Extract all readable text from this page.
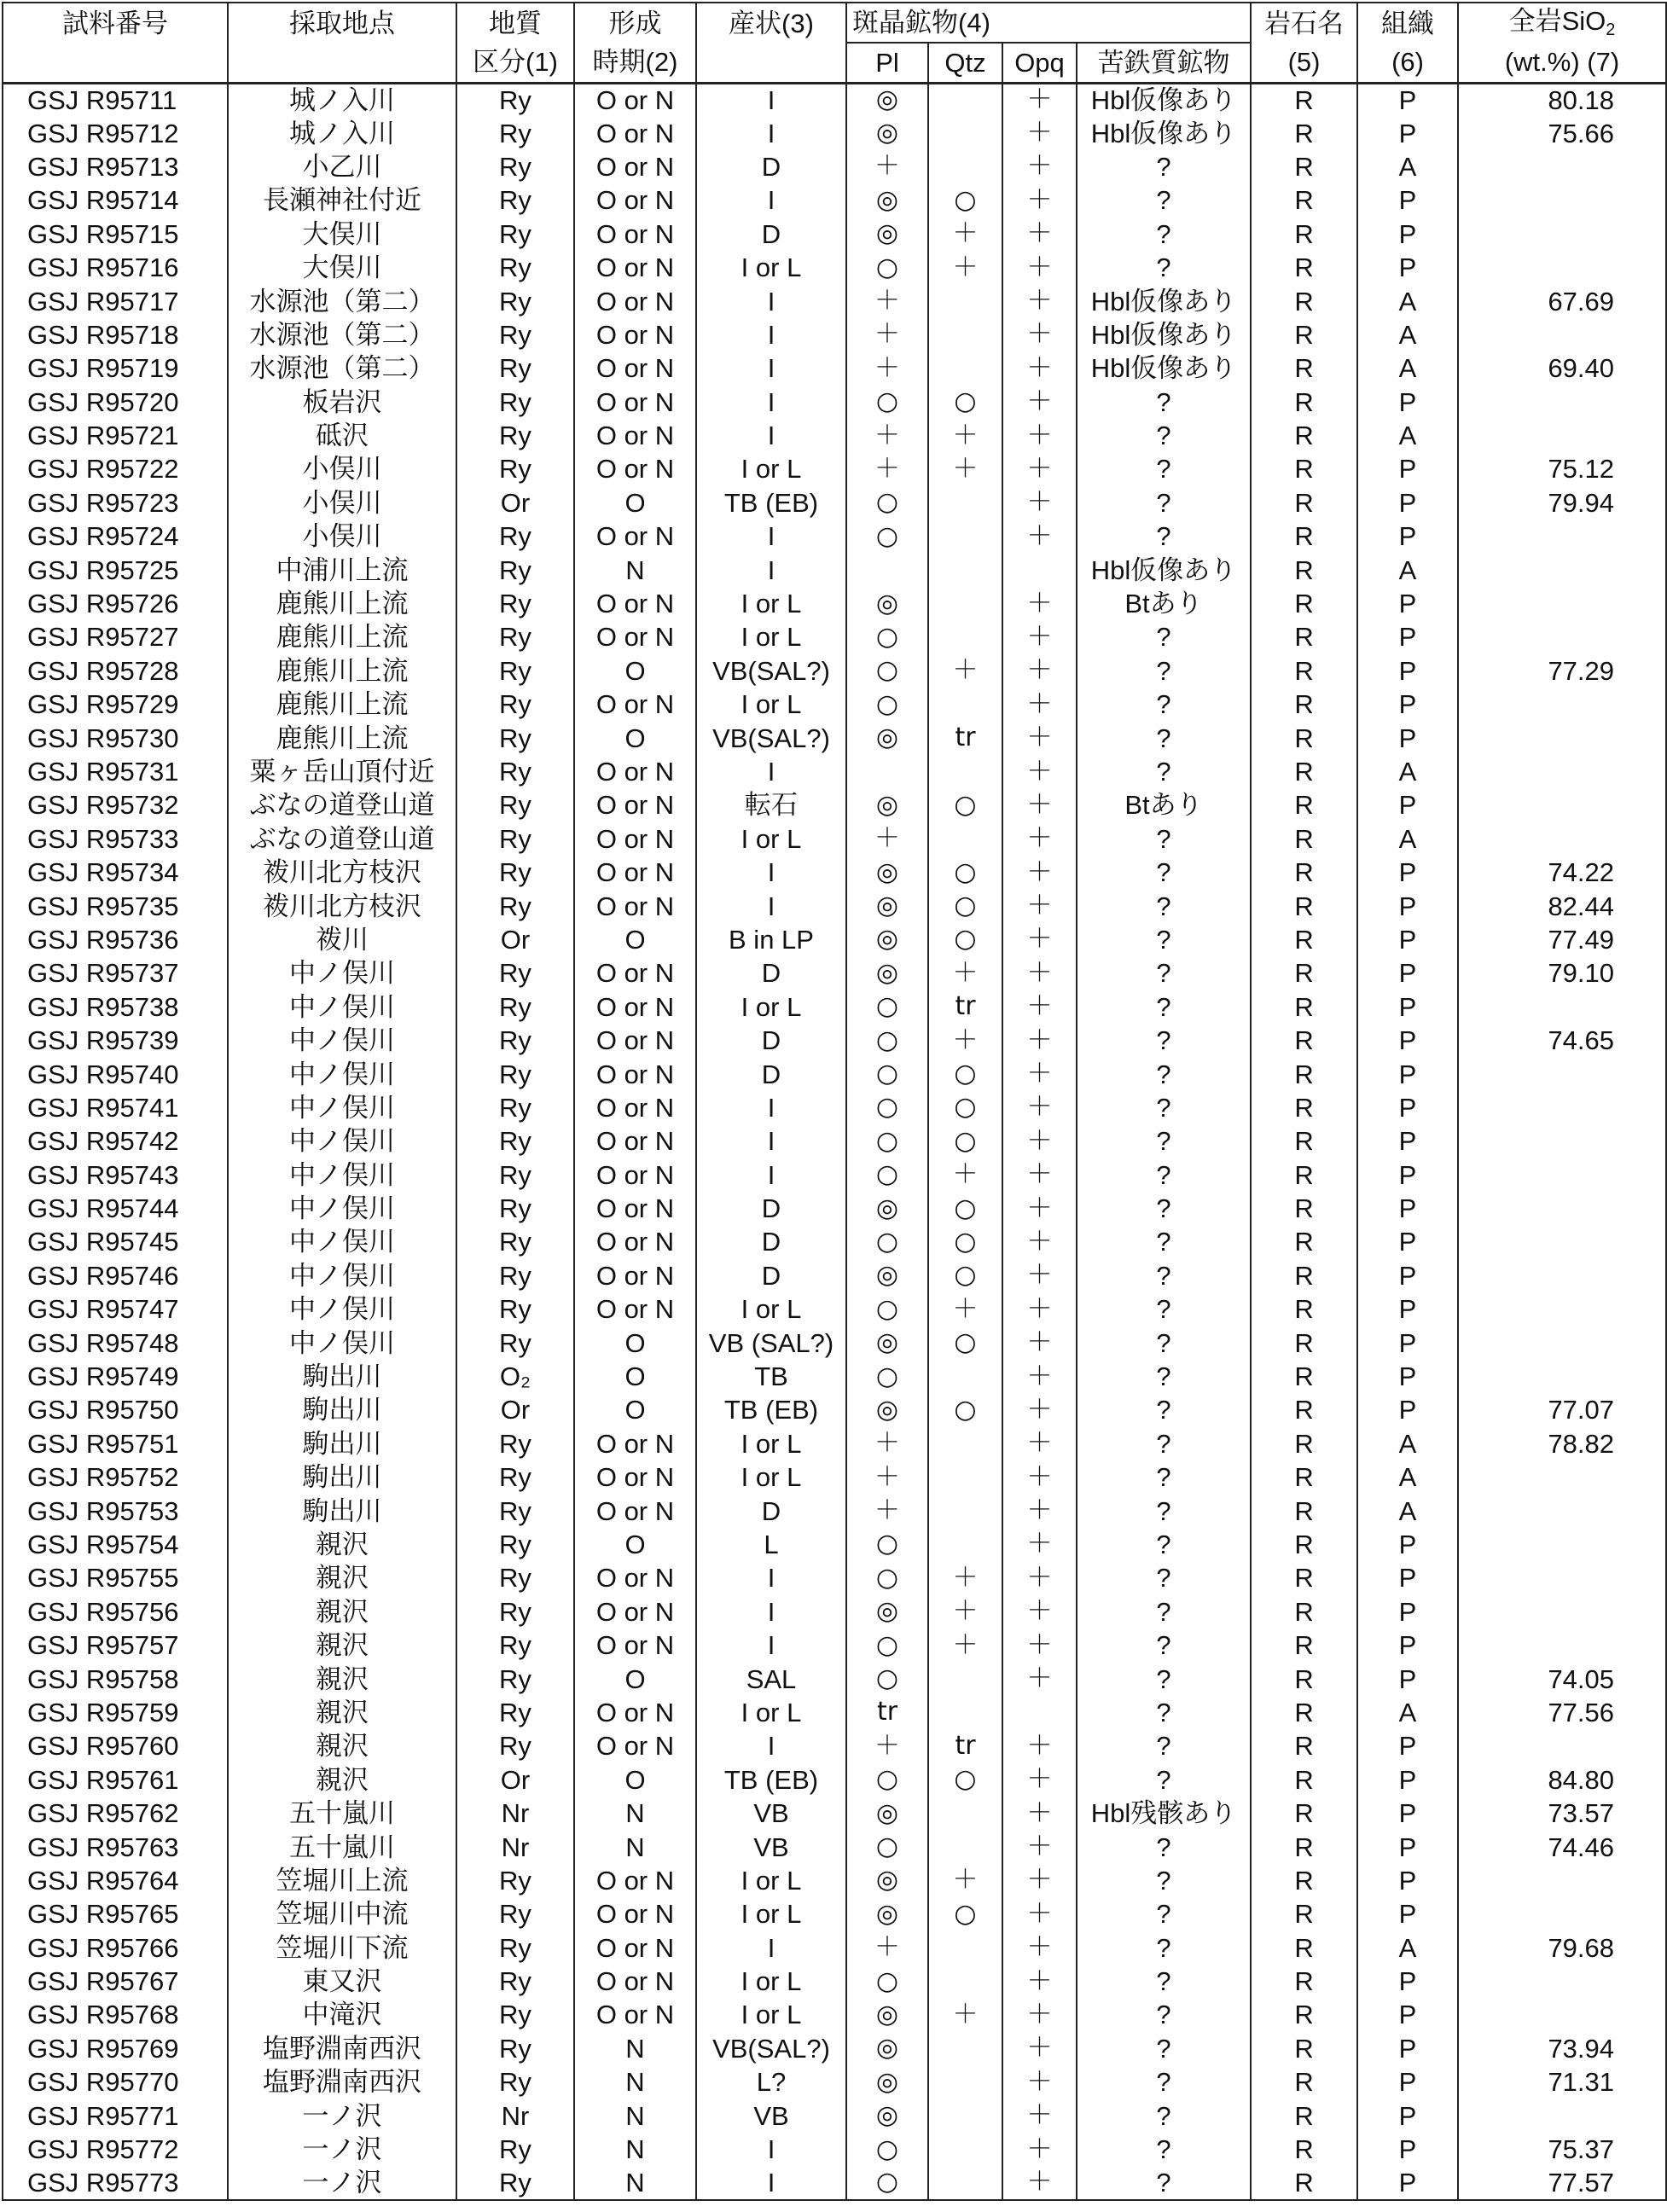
試料番号	採取地点	地質	形成	産状(3)	斑晶鉱物(4)				岩石名	組織	全岩SiO$_2$
		区分(1)	時期(2)		Pl	Qtz	Opq	苦鉄質鉱物	(5)	(6)	(wt.%) (7)
GSJ R95711	城ノ入川	Ry	O or N	I	◎		＋	Hbl仮像あり	R	P	80.18
GSJ R95712	城ノ入川	Ry	O or N	I	◎		＋	Hbl仮像あり	R	P	75.66
GSJ R95713	小乙川	Ry	O or N	D	＋		＋	?	R	A	
GSJ R95714	長瀬神社付近	Ry	O or N	I	◎	○	＋	?	R	P	
GSJ R95715	大俣川	Ry	O or N	D	◎	＋	＋	?	R	P	
GSJ R95716	大俣川	Ry	O or N	I or L	○	＋	＋	?	R	P	
GSJ R95717	水源池（第二）	Ry	O or N	I	＋		＋	Hbl仮像あり	R	A	67.69
GSJ R95718	水源池（第二）	Ry	O or N	I	＋		＋	Hbl仮像あり	R	A	
GSJ R95719	水源池（第二）	Ry	O or N	I	＋		＋	Hbl仮像あり	R	A	69.40
GSJ R95720	板岩沢	Ry	O or N	I	○	○	＋	?	R	P	
GSJ R95721	砥沢	Ry	O or N	I	＋	＋	＋	?	R	A	
GSJ R95722	小俣川	Ry	O or N	I or L	＋	＋	＋	?	R	P	75.12
GSJ R95723	小俣川	Or	O	TB (EB)	○		＋	?	R	P	79.94
GSJ R95724	小俣川	Ry	O or N	I	○		＋	?	R	P	
GSJ R95725	中浦川上流	Ry	N	I				Hbl仮像あり	R	A	
GSJ R95726	鹿熊川上流	Ry	O or N	I or L	◎		＋	Btあり	R	P	
GSJ R95727	鹿熊川上流	Ry	O or N	I or L	○		＋	?	R	P	
GSJ R95728	鹿熊川上流	Ry	O	VB(SAL?)	○	＋	＋	?	R	P	77.29
GSJ R95729	鹿熊川上流	Ry	O or N	I or L	○		＋	?	R	P	
GSJ R95730	鹿熊川上流	Ry	O	VB(SAL?)	◎	tr	＋	?	R	P	
GSJ R95731	粟ヶ岳山頂付近	Ry	O or N	I			＋	?	R	A	
GSJ R95732	ぶなの道登山道	Ry	O or N	転石	◎	○	＋	Btあり	R	P	
GSJ R95733	ぶなの道登山道	Ry	O or N	I or L	＋		＋	?	R	A	
GSJ R95734	袯川北方枝沢	Ry	O or N	I	◎	○	＋	?	R	P	74.22
GSJ R95735	袯川北方枝沢	Ry	O or N	I	◎	○	＋	?	R	P	82.44
GSJ R95736	袯川	Or	O	B in LP	◎	○	＋	?	R	P	77.49
GSJ R95737	中ノ俣川	Ry	O or N	D	◎	＋	＋	?	R	P	79.10
GSJ R95738	中ノ俣川	Ry	O or N	I or L	○	tr	＋	?	R	P	
GSJ R95739	中ノ俣川	Ry	O or N	D	○	＋	＋	?	R	P	74.65
GSJ R95740	中ノ俣川	Ry	O or N	D	○	○	＋	?	R	P	
GSJ R95741	中ノ俣川	Ry	O or N	I	○	○	＋	?	R	P	
GSJ R95742	中ノ俣川	Ry	O or N	I	○	○	＋	?	R	P	
GSJ R95743	中ノ俣川	Ry	O or N	I	○	＋	＋	?	R	P	
GSJ R95744	中ノ俣川	Ry	O or N	D	◎	○	＋	?	R	P	
GSJ R95745	中ノ俣川	Ry	O or N	D	○	○	＋	?	R	P	
GSJ R95746	中ノ俣川	Ry	O or N	D	◎	○	＋	?	R	P	
GSJ R95747	中ノ俣川	Ry	O or N	I or L	○	＋	＋	?	R	P	
GSJ R95748	中ノ俣川	Ry	O	VB (SAL?)	◎	○	＋	?	R	P	
GSJ R95749	駒出川	O₂	O	TB	○		＋	?	R	P	
GSJ R95750	駒出川	Or	O	TB (EB)	◎	○	＋	?	R	P	77.07
GSJ R95751	駒出川	Ry	O or N	I or L	＋		＋	?	R	A	78.82
GSJ R95752	駒出川	Ry	O or N	I or L	＋		＋	?	R	A	
GSJ R95753	駒出川	Ry	O or N	D	＋		＋	?	R	A	
GSJ R95754	親沢	Ry	O	L	○		＋	?	R	P	
GSJ R95755	親沢	Ry	O or N	I	○	＋	＋	?	R	P	
GSJ R95756	親沢	Ry	O or N	I	◎	＋	＋	?	R	P	
GSJ R95757	親沢	Ry	O or N	I	○	＋	＋	?	R	P	
GSJ R95758	親沢	Ry	O	SAL	○		＋	?	R	P	74.05
GSJ R95759	親沢	Ry	O or N	I or L	tr			?	R	A	77.56
GSJ R95760	親沢	Ry	O or N	I	＋	tr	＋	?	R	P	
GSJ R95761	親沢	Or	O	TB (EB)	○	○	＋	?	R	P	84.80
GSJ R95762	五十嵐川	Nr	N	VB	◎		＋	Hbl残骸あり	R	P	73.57
GSJ R95763	五十嵐川	Nr	N	VB	○		＋	?	R	P	74.46
GSJ R95764	笠堀川上流	Ry	O or N	I or L	◎	＋	＋	?	R	P	
GSJ R95765	笠堀川中流	Ry	O or N	I or L	◎	○	＋	?	R	P	
GSJ R95766	笠堀川下流	Ry	O or N	I	＋		＋	?	R	A	79.68
GSJ R95767	東又沢	Ry	O or N	I or L	○		＋	?	R	P	
GSJ R95768	中滝沢	Ry	O or N	I or L	◎	＋	＋	?	R	P	
GSJ R95769	塩野淵南西沢	Ry	N	VB(SAL?)	◎		＋	?	R	P	73.94
GSJ R95770	塩野淵南西沢	Ry	N	L?	◎		＋	?	R	P	71.31
GSJ R95771	一ノ沢	Nr	N	VB	◎		＋	?	R	P	
GSJ R95772	一ノ沢	Ry	N	I	○		＋	?	R	P	75.37
GSJ R95773	一ノ沢	Ry	N	I	○		＋	?	R	P	77.57
